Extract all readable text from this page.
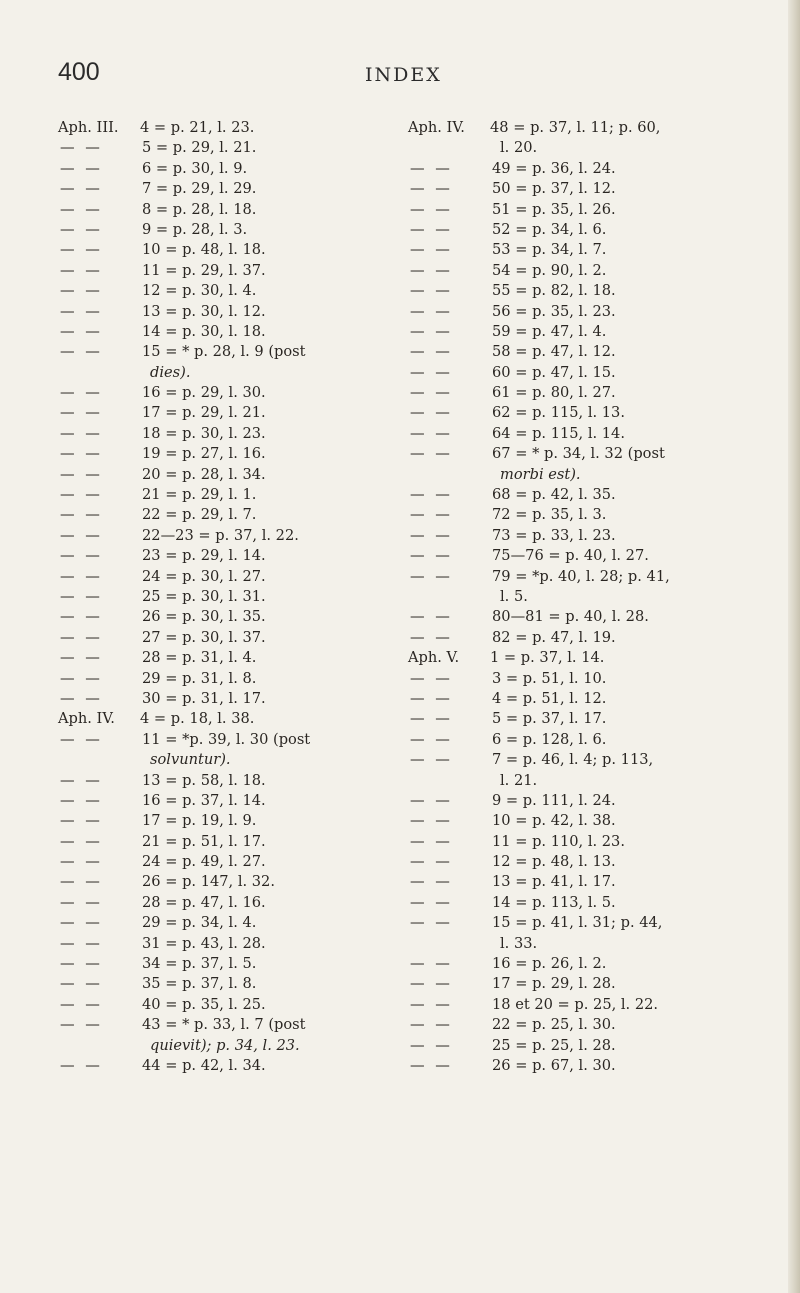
400	INDEX
Aph. III. 4 = p. 21, l. 23.
— —	5 = p. 29, l. 21.
— —	6 = p. 30, l. 9.
— —	7 = p. 29, l. 29.
— —	8 = p. 28, l. 18.
— —	9 = p. 28, l. 3.
— —	10 = p. 48, l. 18.
— —	11 = p. 29, l. 37.
— —	12 = p. 30, l. 4.
— —	13 = p. 30, l. 12.
— —	14 = p. 30, l. 18.
— —	15 = * p. 28, l. 9 (post
dies).
— —	16 = p. 29, l. 30.
— —	17 = p. 29, l. 21.
— —	18 = p. 30, l. 23.
— —	19 = p. 27, l. 16.
— —	20 = p. 28, l. 34.
— —	21 = p. 29, l. 1.
— —	22 = p. 29, l. 7.
— —	22—23 = p. 37, l. 22.
— —	23 = p. 29, l. 14.
— —	24 = p. 30, l. 27.
— —	25 = p. 30, l. 31.
— —	26 = p. 30, l. 35.
— —	27 = p. 30, l. 37.
— —	28 = p. 31, l. 4.
— —	29 = p. 31, l. 8.
— —	30 = p. 31, l. 17.
Aph. IV. 4 = p. 18, l. 38.
— —	11 = *p. 39, l. 30 (post
solvuntur).
— —	13 = p. 58, l. 18.
— —	16 = p. 37, l. 14.
— —	17 = p. 19, l. 9.
— —	21 = p. 51, l. 17.
— —	24 = p. 49, l. 27.
— —	26 = p. 147, l. 32.
— —	28 = p. 47, l. 16.
— —	29 = p. 34, l. 4.
— —	31 = p. 43, l. 28.
— —	34 = p. 37, l. 5.
— —	35 = p. 37, l. 8.
— —	40 = p. 35, l. 25.
— —	43 = * p. 33, l. 7 (post
quievit); p. 34, l. 23.
— —	44 = p. 42, l. 34.
Aph. IV. 48 = p. 37, l. 11; p. 60,
l. 20.
— —	49 = p. 36, l. 24.
— —	50 = p. 37, l. 12.
— —	51 = p. 35, l. 26.
— —	52 = p. 34, l. 6.
— —	53 = p. 34, l. 7.
— —	54 = p. 90, l. 2.
— —	55 = p. 82, l. 18.
— —	56 = p. 35, l. 23.
— —	59 = p. 47, l. 4.
— —	58 = p. 47, l. 12.
— —	60 = p. 47, l. 15.
— —	61 = p. 80, l. 27.
— —	62 = p. 115, l. 13.
— —	64 = p. 115, l. 14.
— —	67 = * p. 34, l. 32 (post
morbi est).
— —	68 = p. 42, l. 35.
— —	72 = p. 35, l. 3.
— —	73 = p. 33, l. 23.
— —	75—76 = p. 40, l. 27.
— —	79 = *p. 40, l. 28; p. 41,
l. 5.
— —	80—81 = p. 40, l. 28.
— —	82 = p. 47, l. 19.
Aph. V. 1 = p. 37, l. 14.
— —	3 = p. 51, l. 10.
— —	4 = p. 51, l. 12.
— —	5 = p. 37, l. 17.
— —	6 = p. 128, l. 6.
— —	7 = p. 46, l. 4; p. 113,
l. 21.
— —	9 = p. 111, l. 24.
— —	10 = p. 42, l. 38.
— —	11 = p. 110, l. 23.
— —	12 = p. 48, l. 13.
— —	13 = p. 41, l. 17.
— —	14 = p. 113, l. 5.
— —	15 = p. 41, l. 31; p. 44,
l. 33.
— —	16 = p. 26, l. 2.
— —	17 = p. 29, l. 28.
— —	18 et 20 = p. 25, l. 22.
— —	22 = p. 25, l. 30.
— —	25 = p. 25, l. 28.
— —	26 = p. 67, l. 30.
